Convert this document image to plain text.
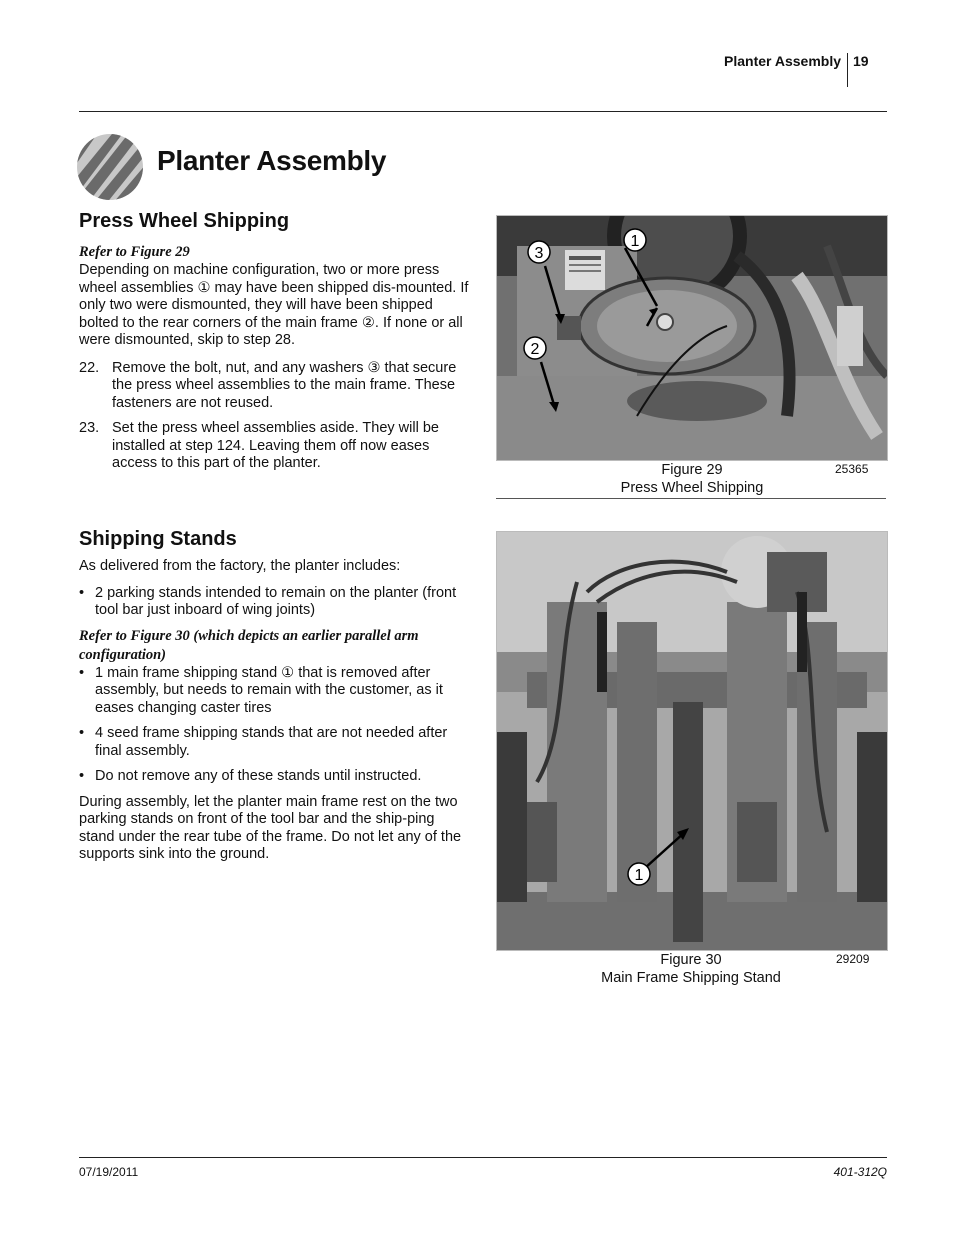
Planter Assembly 19
Planter Assembly
Press Wheel Shipping

Refer to Figure 29

Depending on machine configuration, two or more press wheel assemblies ① may have been shipped dis-mounted. If only two were dismounted, they will have been shipped bolted to the rear corners of the main frame ②. If none or all were dismounted, skip to step 28.

22. Remove the bolt, nut, and any washers ③ that secure the press wheel assemblies to the main frame. These fasteners are not reused.
23. Set the press wheel assemblies aside. They will be installed at step 124. Leaving them off now eases access to this part of the planter.
Shipping Stands

As delivered from the factory, the planter includes:

• 2 parking stands intended to remain on the planter (front tool bar just inboard of wing joints)

Refer to Figure 30 (which depicts an earlier parallel arm configuration)

• 1 main frame shipping stand ① that is removed after assembly, but needs to remain with the customer, as it eases changing caster tires
• 4 seed frame shipping stands that are not needed after final assembly.
• Do not remove any of these stands until instructed.

During assembly, let the planter main frame rest on the two parking stands on front of the tool bar and the ship-ping stand under the rear tube of the frame. Do not let any of the supports sink into the ground.

1
3
2
Figure 29
Press Wheel Shipping
25365
1
Figure 30
Main Frame Shipping Stand
29209
07/19/2011	401-312Q
